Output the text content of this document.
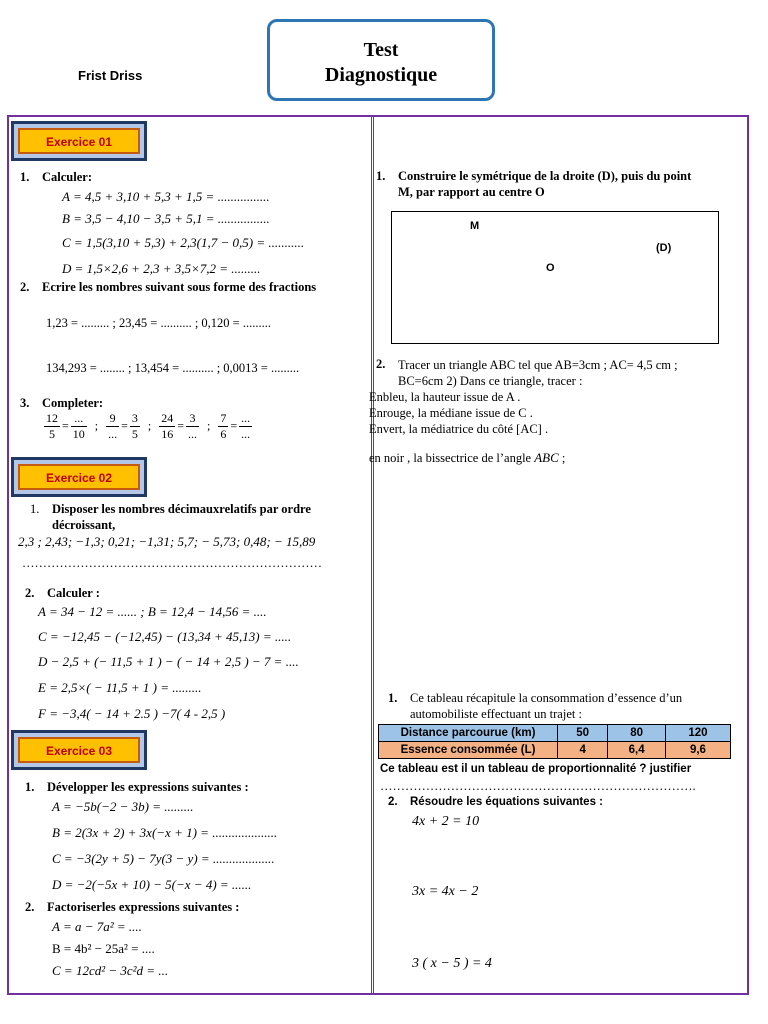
Frist Driss
Test
Diagnostique
Exercice 01
1. Calculer:
A = 4,5 + 3,10 + 5,3 + 1,5 = ................
B = 3,5 − 4,10 − 3,5 + 5,1 = ................
C = 1,5(3,10 + 5,3) + 2,3(1,7 − 0,5) = ...........
D = 1,5×2,6 + 2,3 + 3,5×7,2 = .........
2. Ecrire les nombres suivant sous forme des fractions
1,23 = ......... ; 23,45 = .......... ; 0,120 = .........
134,293 = ........ ; 13,454 = .......... ; 0,0013 = .........
3. Completer:
$\frac{12}{5} = \frac{...}{10}$ ; $\frac{9}{...} = \frac{3}{5}$ ; $\frac{24}{16} = \frac{3}{...}$ ; $\frac{7}{6} = \frac{...}{...}$
Exercice 02
1. Disposer les nombres décimauxrelatifs par ordre
décroissant,
2,3 ; 2,43; −1,3; 0,21; −1,31; 5,7; − 5,73; 0,48; − 15,89
………………………………………………………………
2. Calculer :
A = 34 − 12 = ...... ; B = 12,4 − 14,56 = ....
C = −12,45 − (−12,45) − (13,34 + 45,13) = .....
D − 2,5 + (− 11,5 + 1 ) − ( − 14 + 2,5 ) − 7 = ....
E = 2,5×( − 11,5 + 1 ) = .........
F = −3,4( − 14 + 2.5 ) −7( 4 - 2,5 )
Exercice 03
1. Développer les expressions suivantes :
A = −5b(−2 − 3b) = .........
B = 2(3x + 2) + 3x(−x + 1) = ....................
C = −3(2y + 5) − 7y(3 − y) = ...................
D = −2(−5x + 10) − 5(−x − 4) = ......
2. Factoriserles expressions suivantes :
A = a − 7a² = ....
B = 4b² − 25a² = ....
C = 12cd² − 3c²d = ...
1. Construire le symétrique de la droite (D), puis du point
M, par rapport au centre O
M
(D)
O
2. Tracer un triangle ABC tel que AB=3cm ; AC= 4,5 cm ;
BC=6cm 2) Dans ce triangle, tracer :
Enbleu, la hauteur issue de A .
Enrouge, la médiane issue de C .
Envert, la médiatrice du côté [AC] .
en noir , la bissectrice de l’angle ABC ;
1. Ce tableau récapitule la consommation d’essence d’un
automobiliste effectuant un trajet :
Distance parcourue (km)	50	80	120
Essence consommée (L)	4	6,4	9,6
Ce tableau est il un tableau de proportionnalité ? justifier
………………………………………………………………….
2. Résoudre les équations suivantes :
4x + 2 = 10
3x = 4x − 2
3 ( x − 5 ) = 4
